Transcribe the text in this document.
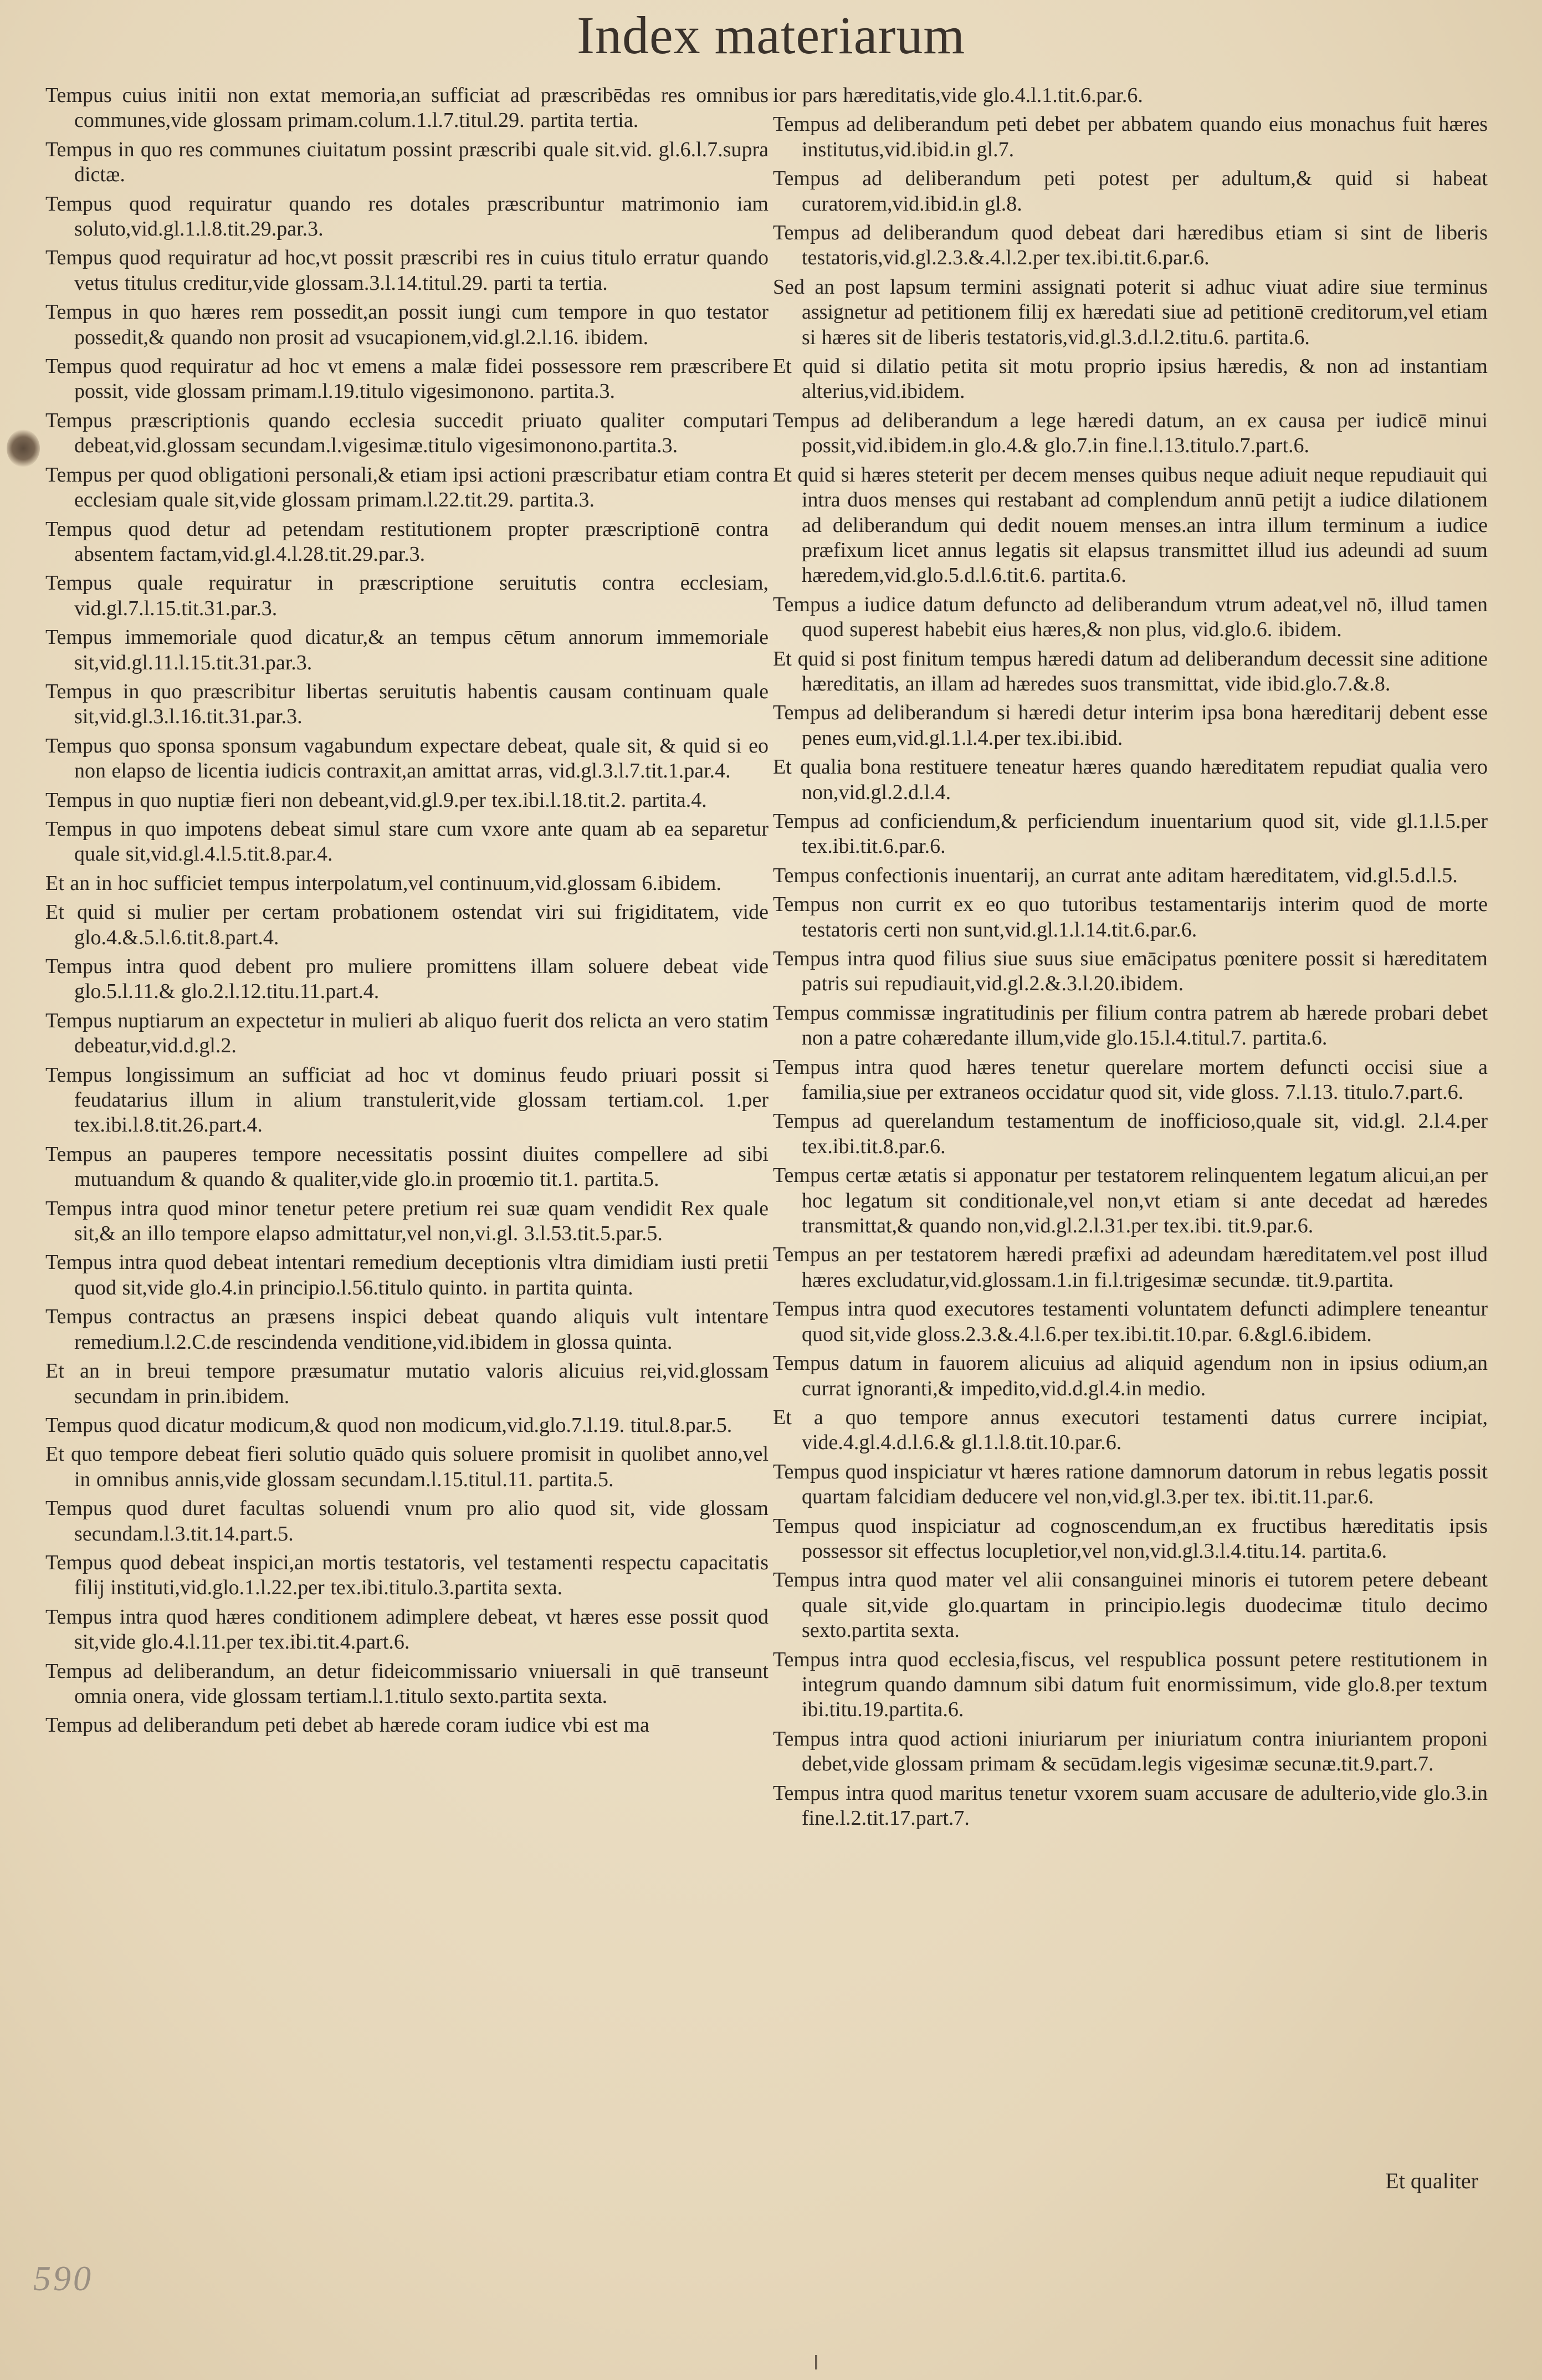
Index materiarum

Tempus cuius initii non extat memoria,an sufficiat ad præscribēdas res omnibus communes,vide glossam primam.colum.1.l.7.titul.29. partita tertia.

Tempus in quo res communes ciuitatum possint præscribi quale sit.vid. gl.6.l.7.supra dictæ.

Tempus quod requiratur quando res dotales præscribuntur matrimonio iam soluto,vid.gl.1.l.8.tit.29.par.3.

Tempus quod requiratur ad hoc,vt possit præscribi res in cuius titulo erratur quando vetus titulus creditur,vide glossam.3.l.14.titul.29. parti ta tertia.

Tempus in quo hæres rem possedit,an possit iungi cum tempore in quo testator possedit,& quando non prosit ad vsucapionem,vid.gl.2.l.16. ibidem.

Tempus quod requiratur ad hoc vt emens a malæ fidei possessore rem præscribere possit, vide glossam primam.l.19.titulo vigesimonono. partita.3.

Tempus præscriptionis quando ecclesia succedit priuato qualiter computari debeat,vid.glossam secundam.l.vigesimæ.titulo vigesimonono.partita.3.

Tempus per quod obligationi personali,& etiam ipsi actioni præscribatur etiam contra ecclesiam quale sit,vide glossam primam.l.22.tit.29. partita.3.

Tempus quod detur ad petendam restitutionem propter præscriptionē contra absentem factam,vid.gl.4.l.28.tit.29.par.3.

Tempus quale requiratur in præscriptione seruitutis contra ecclesiam, vid.gl.7.l.15.tit.31.par.3.

Tempus immemoriale quod dicatur,& an tempus cētum annorum immemoriale sit,vid.gl.11.l.15.tit.31.par.3.

Tempus in quo præscribitur libertas seruitutis habentis causam continuam quale sit,vid.gl.3.l.16.tit.31.par.3.

Tempus quo sponsa sponsum vagabundum expectare debeat, quale sit, & quid si eo non elapso de licentia iudicis contraxit,an amittat arras, vid.gl.3.l.7.tit.1.par.4.

Tempus in quo nuptiæ fieri non debeant,vid.gl.9.per tex.ibi.l.18.tit.2. partita.4.

Tempus in quo impotens debeat simul stare cum vxore ante quam ab ea separetur quale sit,vid.gl.4.l.5.tit.8.par.4.

Et an in hoc sufficiet tempus interpolatum,vel continuum,vid.glossam 6.ibidem.

Et quid si mulier per certam probationem ostendat viri sui frigiditatem, vide glo.4.&.5.l.6.tit.8.part.4.

Tempus intra quod debent pro muliere promittens illam soluere debeat vide glo.5.l.11.& glo.2.l.12.titu.11.part.4.

Tempus nuptiarum an expectetur in mulieri ab aliquo fuerit dos relicta an vero statim debeatur,vid.d.gl.2.

Tempus longissimum an sufficiat ad hoc vt dominus feudo priuari possit si feudatarius illum in alium transtulerit,vide glossam tertiam.col. 1.per tex.ibi.l.8.tit.26.part.4.

Tempus an pauperes tempore necessitatis possint diuites compellere ad sibi mutuandum & quando & qualiter,vide glo.in proœmio tit.1. partita.5.

Tempus intra quod minor tenetur petere pretium rei suæ quam vendidit Rex quale sit,& an illo tempore elapso admittatur,vel non,vi.gl. 3.l.53.tit.5.par.5.

Tempus intra quod debeat intentari remedium deceptionis vltra dimidiam iusti pretii quod sit,vide glo.4.in principio.l.56.titulo quinto. in partita quinta.

Tempus contractus an præsens inspici debeat quando aliquis vult intentare remedium.l.2.C.de rescindenda venditione,vid.ibidem in glossa quinta.

Et an in breui tempore præsumatur mutatio valoris alicuius rei,vid.glossam secundam in prin.ibidem.

Tempus quod dicatur modicum,& quod non modicum,vid.glo.7.l.19. titul.8.par.5.

Et quo tempore debeat fieri solutio quādo quis soluere promisit in quolibet anno,vel in omnibus annis,vide glossam secundam.l.15.titul.11. partita.5.

Tempus quod duret facultas soluendi vnum pro alio quod sit, vide glossam secundam.l.3.tit.14.part.5.

Tempus quod debeat inspici,an mortis testatoris, vel testamenti respectu capacitatis filij instituti,vid.glo.1.l.22.per tex.ibi.titulo.3.partita sexta.

Tempus intra quod hæres conditionem adimplere debeat, vt hæres esse possit quod sit,vide glo.4.l.11.per tex.ibi.tit.4.part.6.

Tempus ad deliberandum, an detur fideicommissario vniuersali in quē transeunt omnia onera, vide glossam tertiam.l.1.titulo sexto.partita sexta.

Tempus ad deliberandum peti debet ab hærede coram iudice vbi est ma

ior pars hæreditatis,vide glo.4.l.1.tit.6.par.6.

Tempus ad deliberandum peti debet per abbatem quando eius monachus fuit hæres institutus,vid.ibid.in gl.7.

Tempus ad deliberandum peti potest per adultum,& quid si habeat curatorem,vid.ibid.in gl.8.

Tempus ad deliberandum quod debeat dari hæredibus etiam si sint de liberis testatoris,vid.gl.2.3.&.4.l.2.per tex.ibi.tit.6.par.6.

Sed an post lapsum termini assignati poterit si adhuc viuat adire siue terminus assignetur ad petitionem filij ex hæredati siue ad petitionē creditorum,vel etiam si hæres sit de liberis testatoris,vid.gl.3.d.l.2.titu.6. partita.6.

Et quid si dilatio petita sit motu proprio ipsius hæredis, & non ad instantiam alterius,vid.ibidem.

Tempus ad deliberandum a lege hæredi datum, an ex causa per iudicē minui possit,vid.ibidem.in glo.4.& glo.7.in fine.l.13.titulo.7.part.6.

Et quid si hæres steterit per decem menses quibus neque adiuit neque repudiauit qui intra duos menses qui restabant ad complendum annū petijt a iudice dilationem ad deliberandum qui dedit nouem menses.an intra illum terminum a iudice præfixum licet annus legatis sit elapsus transmittet illud ius adeundi ad suum hæredem,vid.glo.5.d.l.6.tit.6. partita.6.

Tempus a iudice datum defuncto ad deliberandum vtrum adeat,vel nō, illud tamen quod superest habebit eius hæres,& non plus, vid.glo.6. ibidem.

Et quid si post finitum tempus hæredi datum ad deliberandum decessit sine aditione hæreditatis, an illam ad hæredes suos transmittat, vide ibid.glo.7.&.8.

Tempus ad deliberandum si hæredi detur interim ipsa bona hæreditarij debent esse penes eum,vid.gl.1.l.4.per tex.ibi.ibid.

Et qualia bona restituere teneatur hæres quando hæreditatem repudiat qualia vero non,vid.gl.2.d.l.4.

Tempus ad conficiendum,& perficiendum inuentarium quod sit, vide gl.1.l.5.per tex.ibi.tit.6.par.6.

Tempus confectionis inuentarij, an currat ante aditam hæreditatem, vid.gl.5.d.l.5.

Tempus non currit ex eo quo tutoribus testamentarijs interim quod de morte testatoris certi non sunt,vid.gl.1.l.14.tit.6.par.6.

Tempus intra quod filius siue suus siue emācipatus pœnitere possit si hæreditatem patris sui repudiauit,vid.gl.2.&.3.l.20.ibidem.

Tempus commissæ ingratitudinis per filium contra patrem ab hærede probari debet non a patre cohæredante illum,vide glo.15.l.4.titul.7. partita.6.

Tempus intra quod hæres tenetur querelare mortem defuncti occisi siue a familia,siue per extraneos occidatur quod sit, vide gloss. 7.l.13. titulo.7.part.6.

Tempus ad querelandum testamentum de inofficioso,quale sit, vid.gl. 2.l.4.per tex.ibi.tit.8.par.6.

Tempus certæ ætatis si apponatur per testatorem relinquentem legatum alicui,an per hoc legatum sit conditionale,vel non,vt etiam si ante decedat ad hæredes transmittat,& quando non,vid.gl.2.l.31.per tex.ibi. tit.9.par.6.

Tempus an per testatorem hæredi præfixi ad adeundam hæreditatem.vel post illud hæres excludatur,vid.glossam.1.in fi.l.trigesimæ secundæ. tit.9.partita.

Tempus intra quod executores testamenti voluntatem defuncti adimplere teneantur quod sit,vide gloss.2.3.&.4.l.6.per tex.ibi.tit.10.par. 6.&gl.6.ibidem.

Tempus datum in fauorem alicuius ad aliquid agendum non in ipsius odium,an currat ignoranti,& impedito,vid.d.gl.4.in medio.

Et a quo tempore annus executori testamenti datus currere incipiat, vide.4.gl.4.d.l.6.& gl.1.l.8.tit.10.par.6.

Tempus quod inspiciatur vt hæres ratione damnorum datorum in rebus legatis possit quartam falcidiam deducere vel non,vid.gl.3.per tex. ibi.tit.11.par.6.

Tempus quod inspiciatur ad cognoscendum,an ex fructibus hæreditatis ipsis possessor sit effectus locupletior,vel non,vid.gl.3.l.4.titu.14. partita.6.

Tempus intra quod mater vel alii consanguinei minoris ei tutorem petere debeant quale sit,vide glo.quartam in principio.legis duodecimæ titulo decimo sexto.partita sexta.

Tempus intra quod ecclesia,fiscus, vel respublica possunt petere restitutionem in integrum quando damnum sibi datum fuit enormissimum, vide glo.8.per textum ibi.titu.19.partita.6.

Tempus intra quod actioni iniuriarum per iniuriatum contra iniuriantem proponi debet,vide glossam primam & secūdam.legis vigesimæ secunæ.tit.9.part.7.

Tempus intra quod maritus tenetur vxorem suam accusare de adulterio,vide glo.3.in fine.l.2.tit.17.part.7.

Et qualiter
590
